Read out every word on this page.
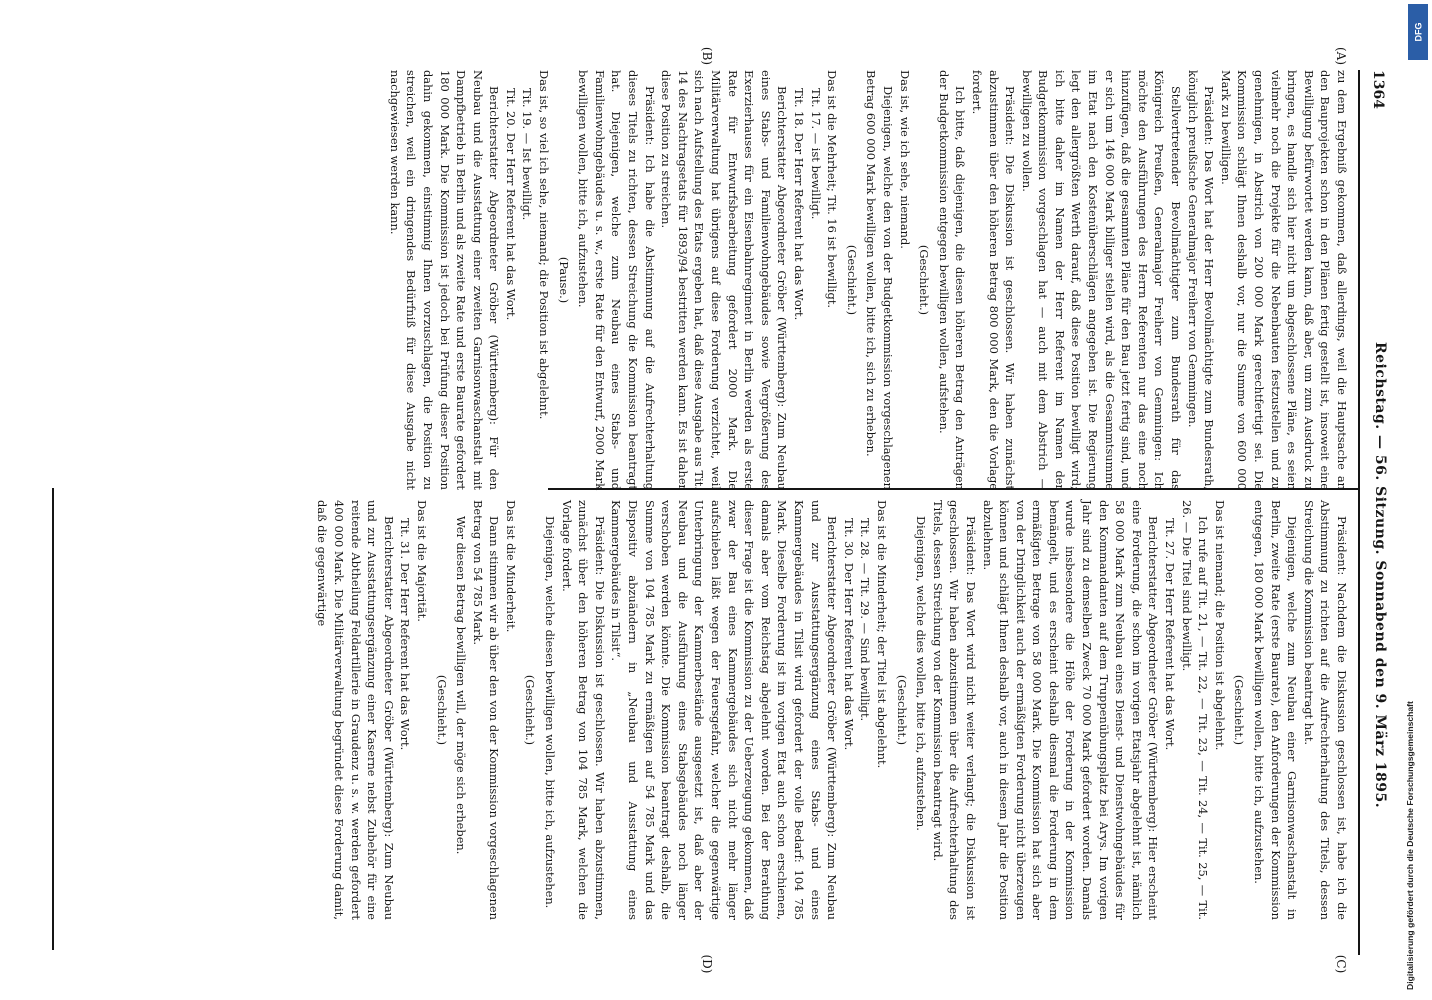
1364
Reichstag. — 56. Sitzung. Sonnabend den 9. März 1895.
(A)
(B)
(C)
(D)

zu dem Ergebniß gekommen, daß allerdings, weil die Hauptsache an den Bauprojekten schon in den Plänen fertig gestellt ist, insoweit eine Bewilligung befürwortet werden kann, daß aber, um zum Ausdruck zu bringen, es handle sich hier nicht um abgeschlossene Pläne, es seien vielmehr noch die Projekte für die Nebenbauten festzustellen und zu genehmigen, in Abstrich von 200 000 Mark gerechtfertigt sei. Die Kommission schlägt Ihnen deshalb vor, nur die Summe von 600 000 Mark zu bewilligen.

Präsident: Das Wort hat der Herr Bevollmächtigte zum Bundesrath, königlich preußische Generalmajor Freiherr von Gemmingen.

Stellvertretender Bevollmächtigter zum Bundesrath für das Königreich Preußen, Generalmajor Freiherr von Gemmingen: Ich möchte den Ausführungen des Herrn Referenten nur das eine noch hinzufügen, daß die gesammten Pläne für den Bau jetzt fertig sind, und er sich um 146 000 Mark billiger stellen wird, als die Gesammtsumme im Etat nach den Kostenüberschlägen angegeben ist. Die Regierung legt den allergrößten Werth darauf, daß diese Position bewilligt wird; ich bitte daher im Namen der Herr Referent im Namen der Budgetkommission vorgeschlagen hat — auch mit dem Abstrich — bewilligen zu wollen.

Präsident: Die Diskussion ist geschlossen. Wir haben zunächst abzustimmen über den höheren Betrag 800 000 Mark, den die Vorlage fordert.

Ich bitte, daß diejenigen, die diesen höheren Betrag den Anträgen der Budgetkommission entgegen bewilligen wollen, aufstehen.

(Geschieht.)

Das ist, wie ich sehe, niemand.

Diejenigen, welche den von der Budgetkommission vorgeschlagenen Betrag 600 000 Mark bewilligen wollen, bitte ich, sich zu erheben.

(Geschieht.)

Das ist die Mehrheit; Tit. 16 ist bewilligt.

Tit. 17. — ist bewilligt.

Tit. 18. Der Herr Referent hat das Wort.

Berichterstatter Abgeordneter Gröber (Württemberg): Zum Neubau eines Stabs- und Familienwohngebäudes sowie Vergrößerung des Exerzierhauses für ein Eisenbahnregiment in Berlin werden als erste Rate für Entwurfsbearbeitung gefordert 2000 Mark. Die Militärverwaltung hat übrigens auf diese Forderung verzichtet, weil sich nach Aufstellung des Etats ergeben hat, daß diese Ausgabe aus Tit. 14 des Nachtragsetats für 1893/94 bestritten werden kann. Es ist daher diese Position zu streichen.

Präsident: Ich habe die Abstimmung auf die Aufrechterhaltung dieses Titels zu richten, dessen Streichung die Kommission beantragt hat. Diejenigen, welche zum Neubau eines Stabs- und Familienwohngebäudes u. s. w., erste Rate für den Entwurf, 2000 Mark bewilligen wollen, bitte ich, aufzustehen.

(Pause.)

Das ist, so viel ich sehe, niemand; die Position ist abgelehnt.

Tit. 19. — Ist bewilligt.

Tit. 20. Der Herr Referent hat das Wort.

Berichterstatter Abgeordneter Gröber (Württemberg): Für den Neubau und die Ausstattung einer zweiten Garnisonwaschanstalt mit Dampfbetrieb in Berlin und als zweite Rate und erste Baurate gefordert 180 000 Mark. Die Kommission ist jedoch bei Prüfung dieser Position dahin gekommen, einstimmig Ihnen vorzuschlagen, die Position zu streichen, weil ein dringendes Bedürfniß für diese Ausgabe nicht nachgewiesen werden kann.

Präsident: Nachdem die Diskussion geschlossen ist, habe ich die Abstimmung zu richten auf die Aufrechterhaltung des Titels, dessen Streichung die Kommission beantragt hat.

Diejenigen, welche zum Neubau einer Garnisonwaschanstalt in Berlin, zweite Rate (erste Baurate), den Anforderungen der Kommission entgegen, 180 000 Mark bewilligen wollen, bitte ich, aufzustehen.

(Geschieht.)

Das ist niemand; die Position ist abgelehnt.

Ich rufe auf Tit. 21, — Tit. 22, — Tit. 23, — Tit. 24, — Tit. 25, — Tit. 26. — Die Titel sind bewilligt.

Tit. 27. Der Herr Referent hat das Wort.

Berichterstatter Abgeordneter Gröber (Württemberg): Hier erscheint eine Forderung, die schon im vorigen Etatsjahr abgelehnt ist, nämlich 58 000 Mark zum Neubau eines Dienst- und Dienstwohngebäudes für den Kommandanten auf dem Truppenübungsplatz bei Arys. Im vorigen Jahr sind zu demselben Zweck 70 000 Mark gefordert worden. Damals wurde insbesondere die Höhe der Forderung in der Kommission bemängelt, und es erscheint deshalb diesmal die Forderung in dem ermäßigten Betrage von 58 000 Mark. Die Kommission hat sich aber von der Dringlichkeit auch der ermäßigten Forderung nicht überzeugen können und schlägt Ihnen deshalb vor, auch in diesem Jahr die Position abzulehnen.

Präsident: Das Wort wird nicht weiter verlangt; die Diskussion ist geschlossen. Wir haben abzustimmen über die Aufrechterhaltung des Titels, dessen Streichung von der Kommission beantragt wird.

Diejenigen, welche dies wollen, bitte ich, aufzustehen.

(Geschieht.)

Das ist die Minderheit; der Titel ist abgelehnt.

Tit. 28. — Tit. 29. — Sind bewilligt.

Tit. 30. Der Herr Referent hat das Wort.

Berichterstatter Abgeordneter Gröber (Württemberg): Zum Neubau und zur Ausstattungsergänzung eines Stabs- und eines Kammergebäudes in Tilsit wird gefordert der volle Bedarf: 104 785 Mark. Dieselbe Forderung ist im vorigen Etat auch schon erschienen, damals aber vom Reichstag abgelehnt worden. Bei der Berathung dieser Frage ist die Kommission zu der Ueberzeugung gekommen, daß zwar der Bau eines Kammergebäudes sich nicht mehr länger aufschieben läßt wegen der Feuersgefahr, welcher die gegenwärtige Unterbringung der Kammerbestände ausgesetzt ist, daß aber der Neubau und die Ausführung eines Stabsgebäudes noch länger verschoben werden könnte. Die Kommission beantragt deshalb, die Summe von 104 785 Mark zu ermäßigen auf 54 785 Mark und das Dispositiv abzuändern in „Neubau und Ausstattung eines Kammergebäudes in Tilsit“.

Präsident: Die Diskussion ist geschlossen. Wir haben abzustimmen, zunächst über den höheren Betrag von 104 785 Mark, welchen die Vorlage fordert.

Diejenigen, welche diesen bewilligen wollen, bitte ich, aufzustehen.

(Geschieht.)

Das ist die Minderheit.

Dann stimmen wir ab über den von der Kommission vorgeschlagenen Betrag von 54 785 Mark.

Wer diesen Betrag bewilligen will, der möge sich erheben.

(Geschieht.)

Das ist die Majorität.

Tit. 31. Der Herr Referent hat das Wort.

Berichterstatter Abgeordneter Gröber (Württemberg): Zum Neubau und zur Ausstattungsergänzung einer Kaserne nebst Zubehör für eine reitende Abtheilung Feldartillerie in Graudenz u. s. w. werden gefordert 400 000 Mark. Die Militärverwaltung begründet diese Forderung damit, daß die gegenwärtige

DFG
Digitalisierung gefördert durch die Deutsche Forschungsgemeinschaft
